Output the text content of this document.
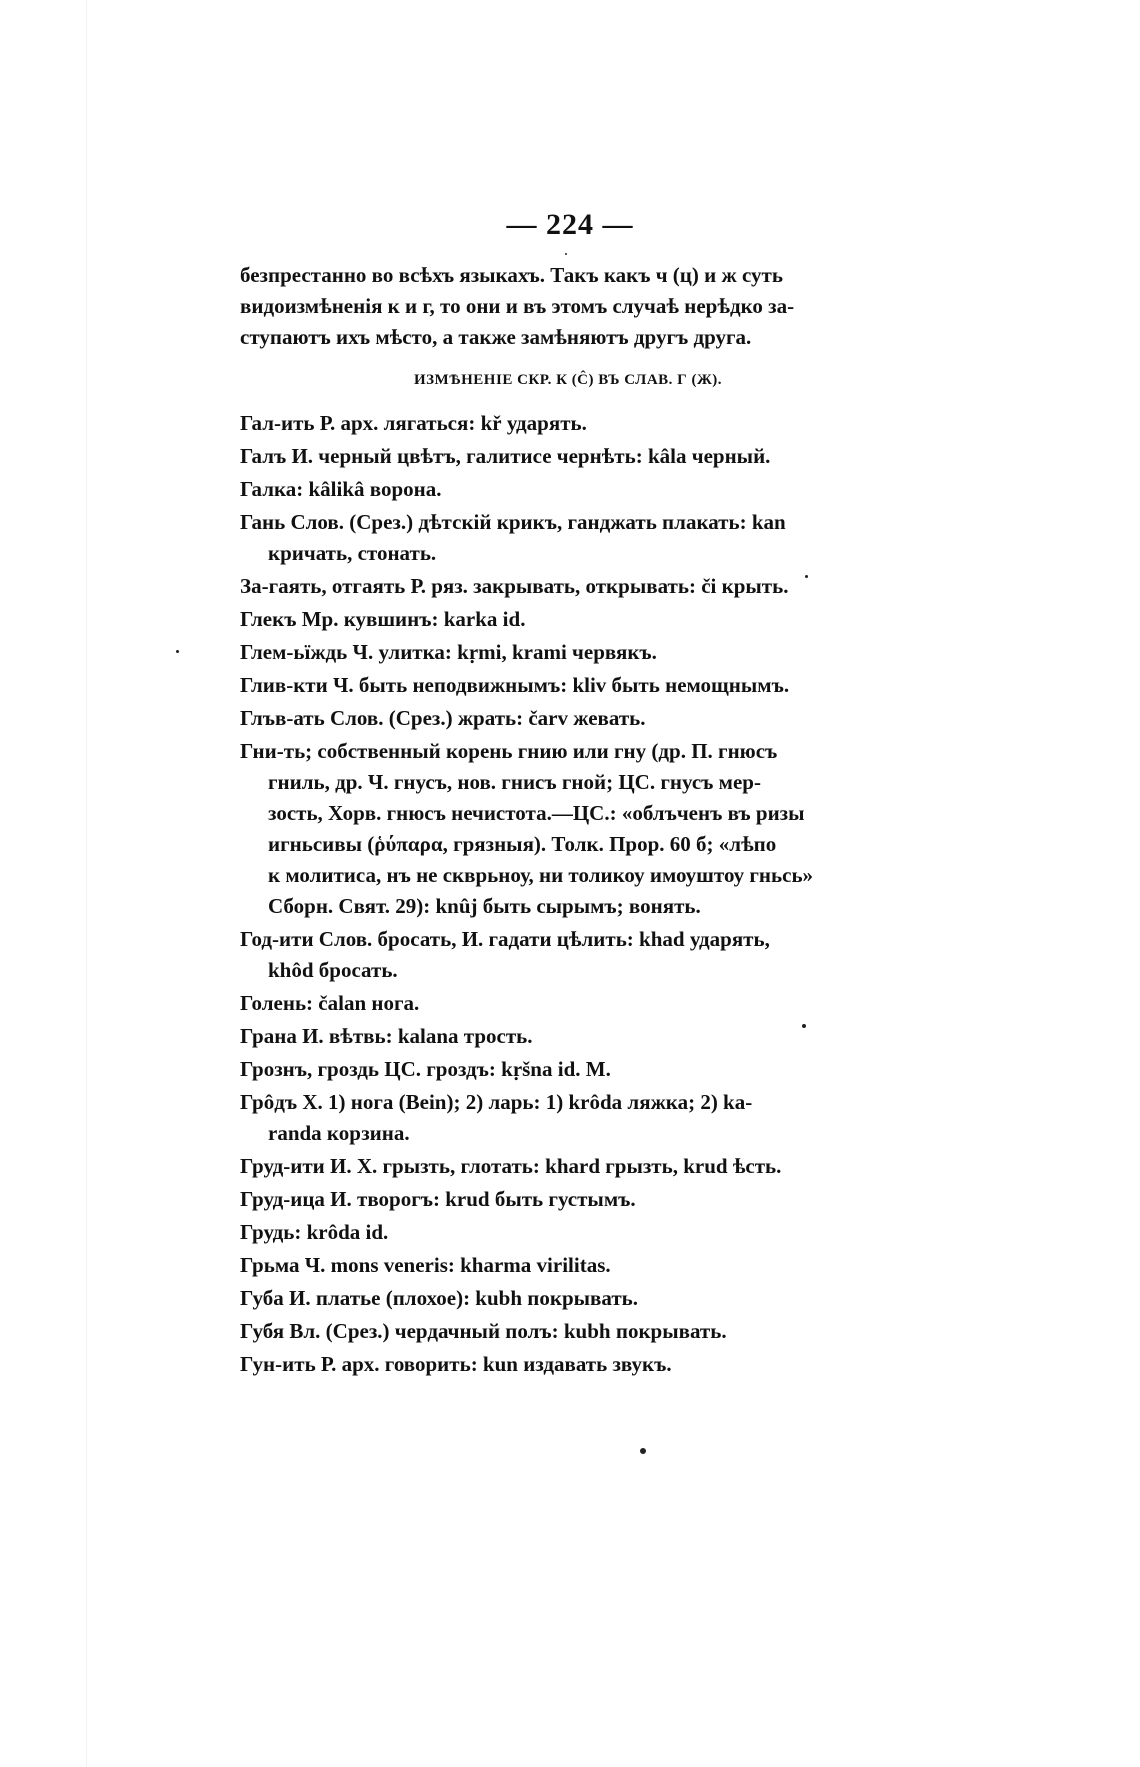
— 224 —

безпрестанно во всѣхъ языкахъ. Такъ какъ ч (ц) и ж суть
видоизмѣненія к и г, то они и въ этомъ случаѣ нерѣдко за-
ступаютъ ихъ мѣсто, а также замѣняютъ другъ друга.

ИЗМѢНЕНІЕ СКР. К (Ĉ) ВЪ СЛАВ. Г (Ж).
Гал-ить Р. арх. лягаться: kř ударять.
Галъ И. черный цвѣтъ, галитисе чернѣть: kâla черный.
Галка: kâlikâ ворона.
Гань Слов. (Срез.) дѣтскій крикъ, ганджать плакать: kan
кричать, стонать.
За-гаять, отгаять Р. ряз. закрывать, открывать: či крыть.
Глекъ Мр. кувшинъ: karka id.
Глем-ьїждь Ч. улитка: kṛmi, krami червякъ.
Глив-кти Ч. быть неподвижнымъ: kliv быть немощнымъ.
Глъв-ать Слов. (Срез.) жрать: čarv жевать.
Гни-ть; собственный корень гнию или гну (др. П. гнюсъ
гниль, др. Ч. гнусъ, нов. гнисъ гной; ЦС. гнусъ мер-
зость, Хорв. гнюсъ нечистота.—ЦС.: «облъченъ въ ризы
игньсивы (ῥύπαρα, грязныя). Толк. Прор. 60 б; «лѣпо
к молитиса, нъ не скврьноу, ни толикоу имоуштоу гньсь»
Сборн. Свят. 29): knûj быть сырымъ; вонять.
Год-ити Слов. бросать, И. гадати цѣлить: khad ударять,
khôd бросать.
Голень: čalan нога.
Грана И. вѣтвь: kalana трость.
Грознъ, гроздь ЦС. гроздъ: kṛšna id. М.
Грôдъ Х. 1) нога (Bein); 2) ларь: 1) krôda ляжка; 2) ka-
randa корзина.
Груд-ити И. Х. грызть, глотать: khard грызть, krud ѣсть.
Груд-ица И. творогъ: krud быть густымъ.
Грудь: krôda id.
Грьма Ч. mons veneris: kharma virilitas.
Губа И. платье (плохое): kubh покрывать.
Губя Вл. (Срез.) чердачный полъ: kubh покрывать.
Гун-ить Р. арх. говорить: kun издавать звукъ.
